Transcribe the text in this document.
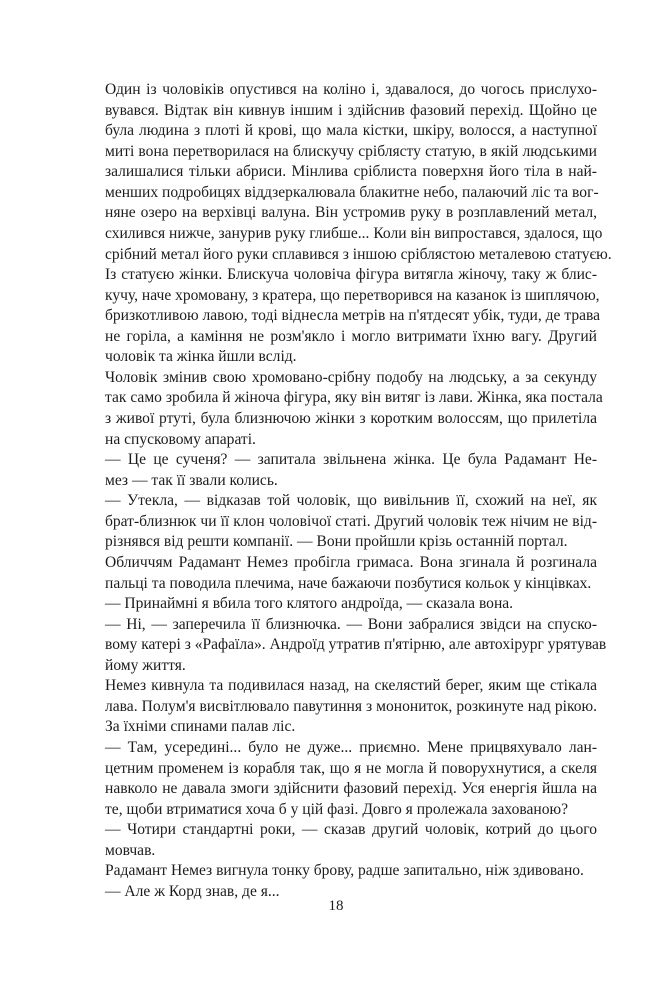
Один із чоловіків опустився на коліно і, здавалося, до чогось прислухо-
вувався. Відтак він кивнув іншим і здійснив фазовий перехід. Щойно це
була людина з плоті й крові, що мала кістки, шкіру, волосся, а наступної
миті вона перетворилася на блискучу сріблясту статую, в якій людськими
залишалися тільки абриси. Мінлива сріблиста поверхня його тіла в най-
менших подробицях віддзеркалювала блакитне небо, палаючий ліс та вог-
няне озеро на верхівці валуна. Він устромив руку в розплавлений метал,
схилився нижче, занурив руку глибше... Коли він випростався, здалося, що
срібний метал його руки сплавився з іншою сріблястою металевою статуєю.
Із статуєю жінки. Блискуча чоловіча фігура витягла жіночу, таку ж блис-
кучу, наче хромовану, з кратера, що перетворився на казанок із шиплячою,
бризкотливою лавою, тоді віднесла метрів на п'ятдесят убік, туди, де трава
не горіла, а каміння не розм'якло і могло витримати їхню вагу. Другий
чоловік та жінка йшли вслід.

Чоловік змінив свою хромовано-срібну подобу на людську, а за секунду
так само зробила й жіноча фігура, яку він витяг із лави. Жінка, яка постала
з живої ртуті, була близнючою жінки з коротким волоссям, що прилетіла
на спусковому апараті.

— Це це сученя? — запитала звільнена жінка. Це була Радамант Не-
мез — так її звали колись.

— Утекла, — відказав той чоловік, що вивільнив її, схожий на неї, як
брат-близнюк чи її клон чоловічої статі. Другий чоловік теж нічим не від-
різнявся від решти компанії. — Вони пройшли крізь останній портал.

Обличчям Радамант Немез пробігла гримаса. Вона згинала й розгинала
пальці та поводила плечима, наче бажаючи позбутися кольок у кінцівках.

— Принаймні я вбила того клятого андроїда, — сказала вона.

— Ні, — заперечила її близнючка. — Вони забралися звідси на спуско-
вому катері з «Рафаїла». Андроїд утратив п'ятірню, але автохірург урятував
йому життя.

Немез кивнула та подивилася назад, на скелястий берег, яким ще стікала
лава. Полум'я висвітлювало павутиння з монониток, розкинуте над рікою.
За їхніми спинами палав ліс.

— Там, усередині... було не дуже... приємно. Мене прицвяхувало лан-
цетним променем із корабля так, що я не могла й поворухнутися, а скеля
навколо не давала змоги здійснити фазовий перехід. Уся енергія йшла на
те, щоби втриматися хоча б у цій фазі. Довго я пролежала захованою?

— Чотири стандартні роки, — сказав другий чоловік, котрий до цього
мовчав.

Радамант Немез вигнула тонку брову, радше запитально, ніж здивовано.

— Але ж Корд знав, де я...

18
